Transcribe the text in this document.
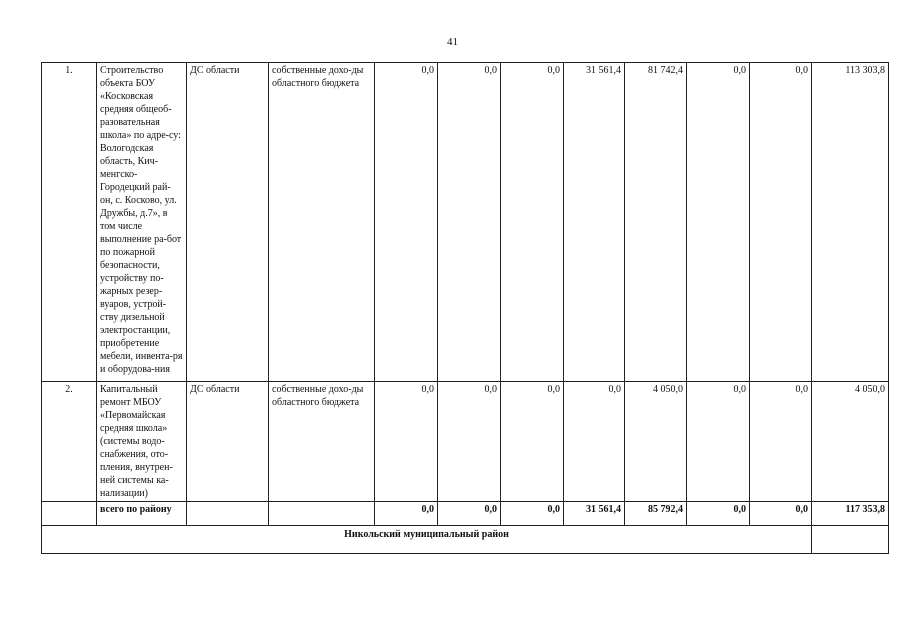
41
1.	Строительство объекта БОУ «Косковская средняя общеоб-разовательная школа» по адре-су: Вологодская область, Кич-менгско-Городецкий рай-он, с. Косково, ул. Дружбы, д.7», в том числе выполнение ра-бот по пожарной безопасности, устройству по-жарных резер-вуаров, устрой-ству дизельной электростанции, приобретение мебели, инвента-ря и оборудова-ния	ДС области	собственные дохо-ды областного бюджета	0,0	0,0	0,0	31 561,4	81 742,4	0,0	0,0	113 303,8
2.	Капитальный ремонт МБОУ «Первомайская средняя школа» (системы водо-снабжения, ото-пления, внутрен-ней системы ка-нализации)	ДС области	собственные дохо-ды областного бюджета	0,0	0,0	0,0	0,0	4 050,0	0,0	0,0	4 050,0
	всего по району			0,0	0,0	0,0	31 561,4	85 792,4	0,0	0,0	117 353,8
Никольский муниципальный район											
